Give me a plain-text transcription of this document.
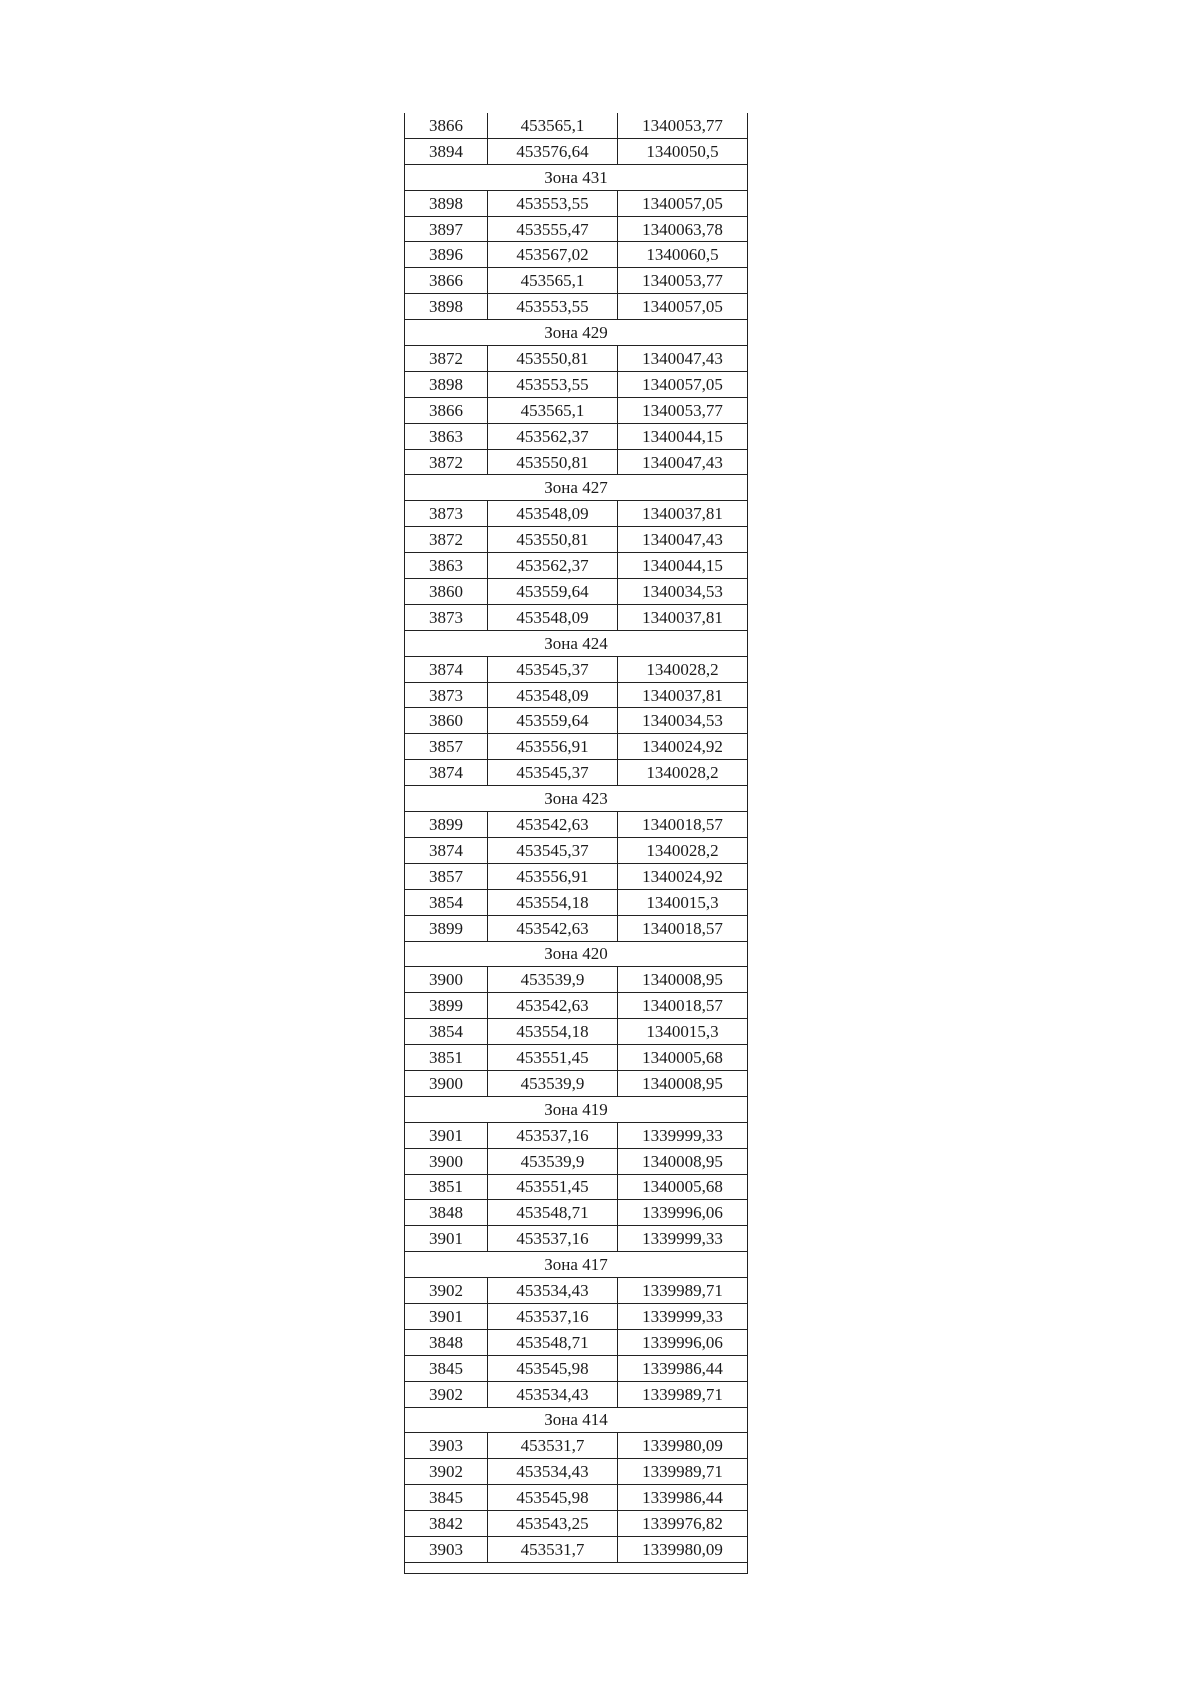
3866	453565,1	1340053,77
3894	453576,64	1340050,5
Зона 431		
3898	453553,55	1340057,05
3897	453555,47	1340063,78
3896	453567,02	1340060,5
3866	453565,1	1340053,77
3898	453553,55	1340057,05
Зона 429		
3872	453550,81	1340047,43
3898	453553,55	1340057,05
3866	453565,1	1340053,77
3863	453562,37	1340044,15
3872	453550,81	1340047,43
Зона 427		
3873	453548,09	1340037,81
3872	453550,81	1340047,43
3863	453562,37	1340044,15
3860	453559,64	1340034,53
3873	453548,09	1340037,81
Зона 424		
3874	453545,37	1340028,2
3873	453548,09	1340037,81
3860	453559,64	1340034,53
3857	453556,91	1340024,92
3874	453545,37	1340028,2
Зона 423		
3899	453542,63	1340018,57
3874	453545,37	1340028,2
3857	453556,91	1340024,92
3854	453554,18	1340015,3
3899	453542,63	1340018,57
Зона 420		
3900	453539,9	1340008,95
3899	453542,63	1340018,57
3854	453554,18	1340015,3
3851	453551,45	1340005,68
3900	453539,9	1340008,95
Зона 419		
3901	453537,16	1339999,33
3900	453539,9	1340008,95
3851	453551,45	1340005,68
3848	453548,71	1339996,06
3901	453537,16	1339999,33
Зона 417		
3902	453534,43	1339989,71
3901	453537,16	1339999,33
3848	453548,71	1339996,06
3845	453545,98	1339986,44
3902	453534,43	1339989,71
Зона 414		
3903	453531,7	1339980,09
3902	453534,43	1339989,71
3845	453545,98	1339986,44
3842	453543,25	1339976,82
3903	453531,7	1339980,09
